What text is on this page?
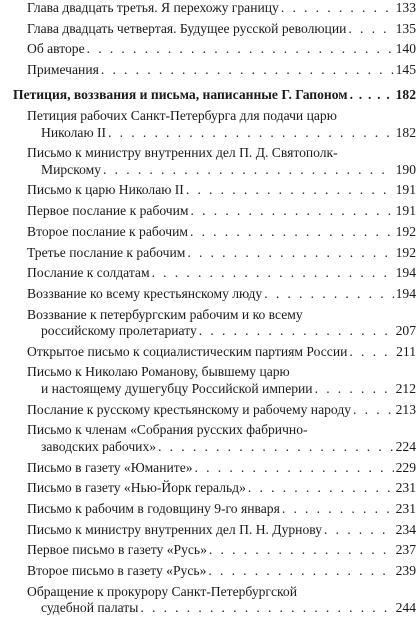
Глава двадцать третья. Я перехожу границу . . .	133
Глава двадцать четвертая. Будущее русской революции . . .	135
Об авторе . . .	140
Примечания . . .	145
Петиция, воззвания и письма, написанные Г. Гапоном . . .	182
Петиция рабочих Санкт-Петербурга для подачи царю
Николаю II . . .	182
Письмо к министру внутренних дел П. Д. Святополк-
Мирскому . . .	190
Письмо к царю Николаю II . . .	191
Первое послание к рабочим . . .	191
Второе послание к рабочим . . .	192
Третье послание к рабочим . . .	192
Послание к солдатам . . .	194
Воззвание ко всему крестьянскому люду . . .	194
Воззвание к петербургским рабочим и ко всему
российскому пролетариату . . .	207
Открытое письмо к социалистическим партиям России . . .	211
Письмо к Николаю Романову, бывшему царю
и настоящему душегубцу Российской империи . . .	212
Послание к русскому крестьянскому и рабочему народу . . .	213
Письмо к членам «Собрания русских фабрично-
заводских рабочих» . . .	224
Письмо в газету «Юманите» . . .	229
Письмо в газету «Нью-Йорк геральд» . . .	231
Письмо к рабочим в годовщину 9-го января . . .	231
Письмо к министру внутренних дел П. Н. Дурнову . . .	234
Первое письмо в газету «Русь» . . .	237
Второе письмо в газету «Русь» . . .	239
Обращение к прокурору Санкт-Петербургской
судебной палаты . . .	244
